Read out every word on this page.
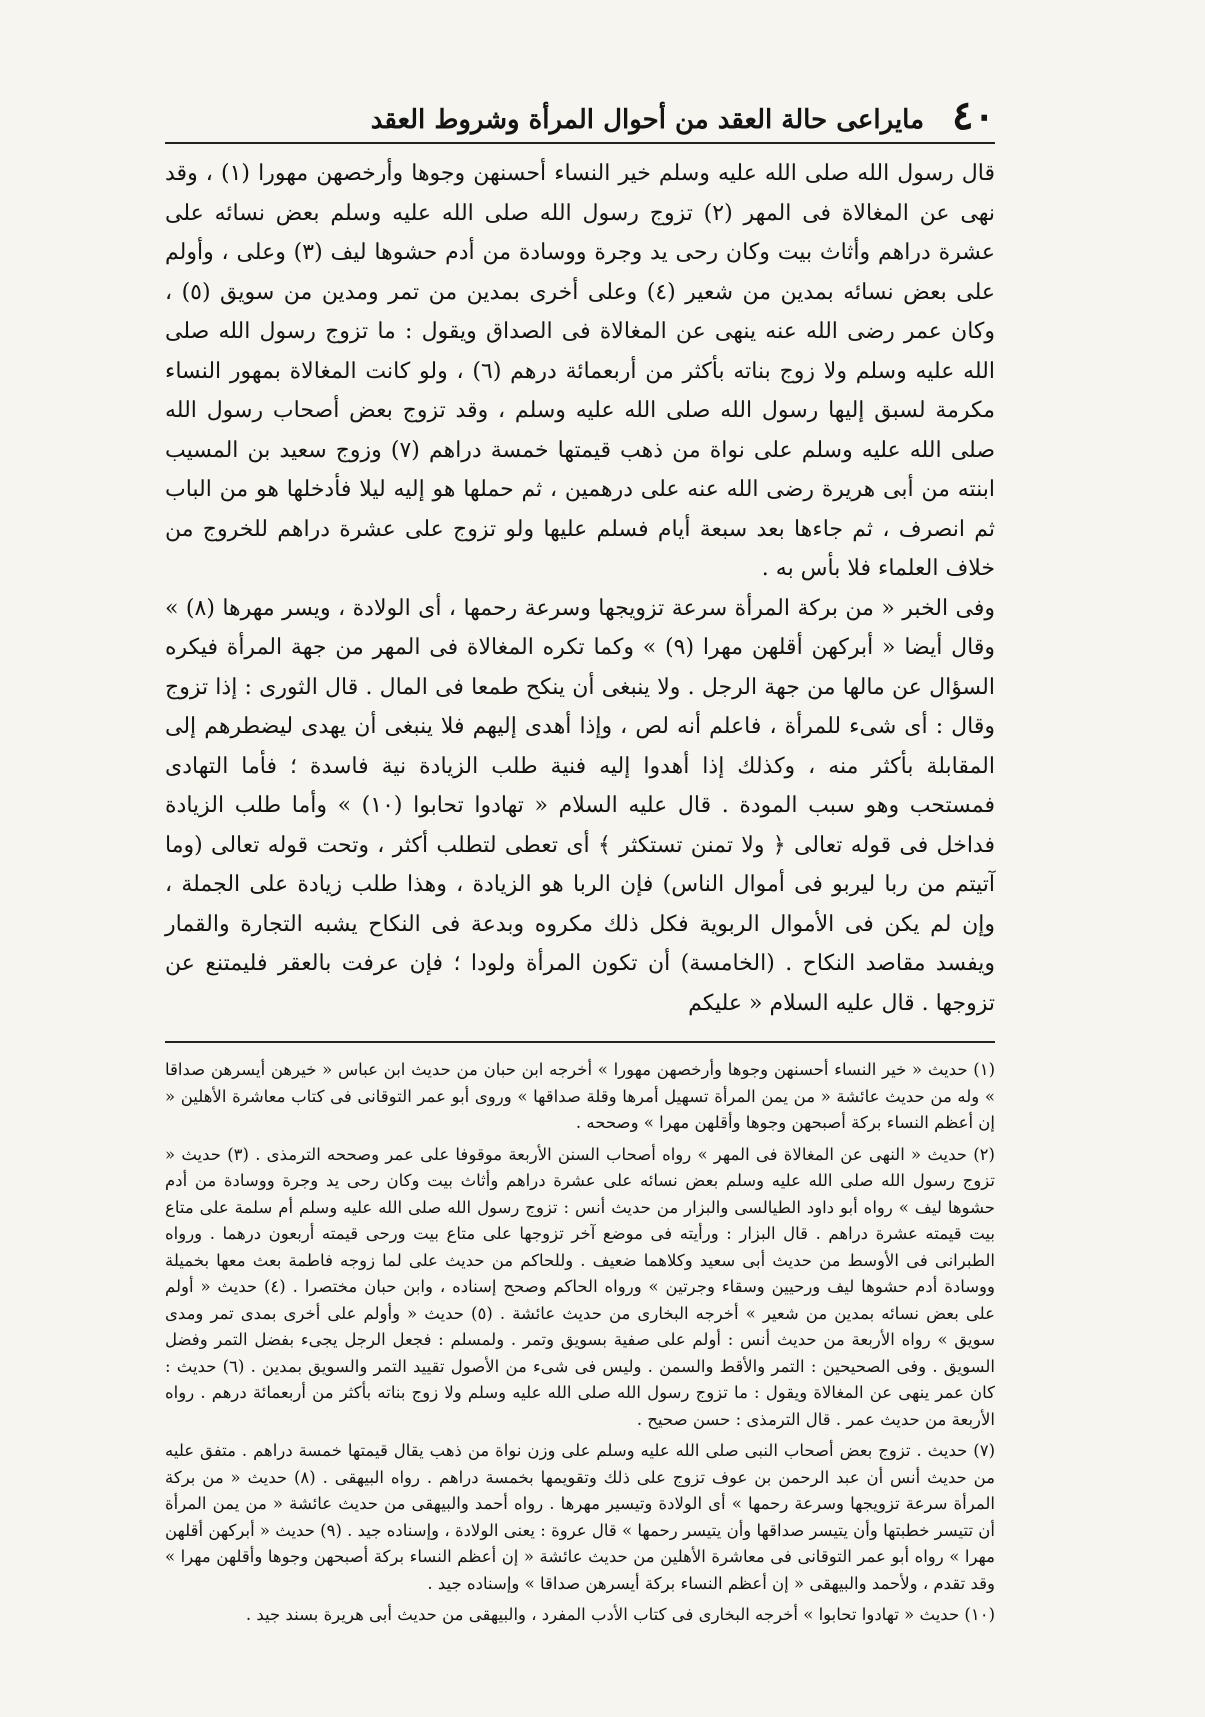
٤٠
مايراعى حالة العقد من أحوال المرأة وشروط العقد

قال رسول الله صلى الله عليه وسلم خير النساء أحسنهن وجوها وأرخصهن مهورا (١) ، وقد نهى عن المغالاة فى المهر (٢) تزوج رسول الله صلى الله عليه وسلم بعض نسائه على عشرة دراهم وأثاث بيت وكان رحى يد وجرة ووسادة من أدم حشوها ليف (٣) وعلى ، وأولم على بعض نسائه بمدين من شعير (٤) وعلى أخرى بمدين من تمر ومدين من سويق (٥) ، وكان عمر رضى الله عنه ينهى عن المغالاة فى الصداق ويقول : ما تزوج رسول الله صلى الله عليه وسلم ولا زوج بناته بأكثر من أربعمائة درهم (٦) ، ولو كانت المغالاة بمهور النساء مكرمة لسبق إليها رسول الله صلى الله عليه وسلم ، وقد تزوج بعض أصحاب رسول الله صلى الله عليه وسلم على نواة من ذهب قيمتها خمسة دراهم (٧) وزوج سعيد بن المسيب ابنته من أبى هريرة رضى الله عنه على درهمين ، ثم حملها هو إليه ليلا فأدخلها هو من الباب ثم انصرف ، ثم جاءها بعد سبعة أيام فسلم عليها ولو تزوج على عشرة دراهم للخروج من خلاف العلماء فلا بأس به .

وفى الخبر « من بركة المرأة سرعة تزويجها وسرعة رحمها ، أى الولادة ، ويسر مهرها (٨) » وقال أيضا « أبركهن أقلهن مهرا (٩) » وكما تكره المغالاة فى المهر من جهة المرأة فيكره السؤال عن مالها من جهة الرجل . ولا ينبغى أن ينكح طمعا فى المال . قال الثورى : إذا تزوج وقال : أى شىء للمرأة ، فاعلم أنه لص ، وإذا أهدى إليهم فلا ينبغى أن يهدى ليضطرهم إلى المقابلة بأكثر منه ، وكذلك إذا أهدوا إليه فنية طلب الزيادة نية فاسدة ؛ فأما التهادى فمستحب وهو سبب المودة . قال عليه السلام « تهادوا تحابوا (١٠) » وأما طلب الزيادة فداخل فى قوله تعالى ﴿ ولا تمنن تستكثر ﴾ أى تعطى لتطلب أكثر ، وتحت قوله تعالى (وما آتيتم من ربا ليربو فى أموال الناس) فإن الربا هو الزيادة ، وهذا طلب زيادة على الجملة ، وإن لم يكن فى الأموال الربوية فكل ذلك مكروه وبدعة فى النكاح يشبه التجارة والقمار ويفسد مقاصد النكاح . (الخامسة) أن تكون المرأة ولودا ؛ فإن عرفت بالعقر فليمتنع عن تزوجها . قال عليه السلام « عليكم

(١) حديث « خير النساء أحسنهن وجوها وأرخصهن مهورا » أخرجه ابن حبان من حديث ابن عباس « خيرهن أيسرهن صداقا » وله من حديث عائشة « من يمن المرأة تسهيل أمرها وقلة صداقها » وروى أبو عمر التوقانى فى كتاب معاشرة الأهلين « إن أعظم النساء بركة أصبحهن وجوها وأقلهن مهرا » وصححه .

(٢) حديث « النهى عن المغالاة فى المهر » رواه أصحاب السنن الأربعة موقوفا على عمر وصححه الترمذى . (٣) حديث « تزوج رسول الله صلى الله عليه وسلم بعض نسائه على عشرة دراهم وأثاث بيت وكان رحى يد وجرة ووسادة من أدم حشوها ليف » رواه أبو داود الطيالسى والبزار من حديث أنس : تزوج رسول الله صلى الله عليه وسلم أم سلمة على متاع بيت قيمته عشرة دراهم . قال البزار : ورأيته فى موضع آخر تزوجها على متاع بيت ورحى قيمته أربعون درهما . ورواه الطبرانى فى الأوسط من حديث أبى سعيد وكلاهما ضعيف . وللحاكم من حديث على لما زوجه فاطمة بعث معها بخميلة ووسادة أدم حشوها ليف ورحيين وسقاء وجرتين » ورواه الحاكم وصحح إسناده ، وابن حبان مختصرا . (٤) حديث « أولم على بعض نسائه بمدين من شعير » أخرجه البخارى من حديث عائشة . (٥) حديث « وأولم على أخرى بمدى تمر ومدى سويق » رواه الأربعة من حديث أنس : أولم على صفية بسويق وتمر . ولمسلم : فجعل الرجل يجىء بفضل التمر وفضل السويق . وفى الصحيحين : التمر والأقط والسمن . وليس فى شىء من الأصول تقييد التمر والسويق بمدين . (٦) حديث : كان عمر ينهى عن المغالاة ويقول : ما تزوج رسول الله صلى الله عليه وسلم ولا زوج بناته بأكثر من أربعمائة درهم . رواه الأربعة من حديث عمر . قال الترمذى : حسن صحيح .

(٧) حديث . تزوج بعض أصحاب النبى صلى الله عليه وسلم على وزن نواة من ذهب يقال قيمتها خمسة دراهم . متفق عليه من حديث أنس أن عبد الرحمن بن عوف تزوج على ذلك وتقويمها بخمسة دراهم . رواه البيهقى . (٨) حديث « من بركة المرأة سرعة تزويجها وسرعة رحمها » أى الولادة وتيسير مهرها . رواه أحمد والبيهقى من حديث عائشة « من يمن المرأة أن تتيسر خطبتها وأن يتيسر صداقها وأن يتيسر رحمها » قال عروة : يعنى الولادة ، وإسناده جيد . (٩) حديث « أبركهن أقلهن مهرا » رواه أبو عمر التوقانى فى معاشرة الأهلين من حديث عائشة « إن أعظم النساء بركة أصبحهن وجوها وأقلهن مهرا » وقد تقدم ، ولأحمد والبيهقى « إن أعظم النساء بركة أيسرهن صداقا » وإسناده جيد .

(١٠) حديث « تهادوا تحابوا » أخرجه البخارى فى كتاب الأدب المفرد ، والبيهقى من حديث أبى هريرة بسند جيد .
